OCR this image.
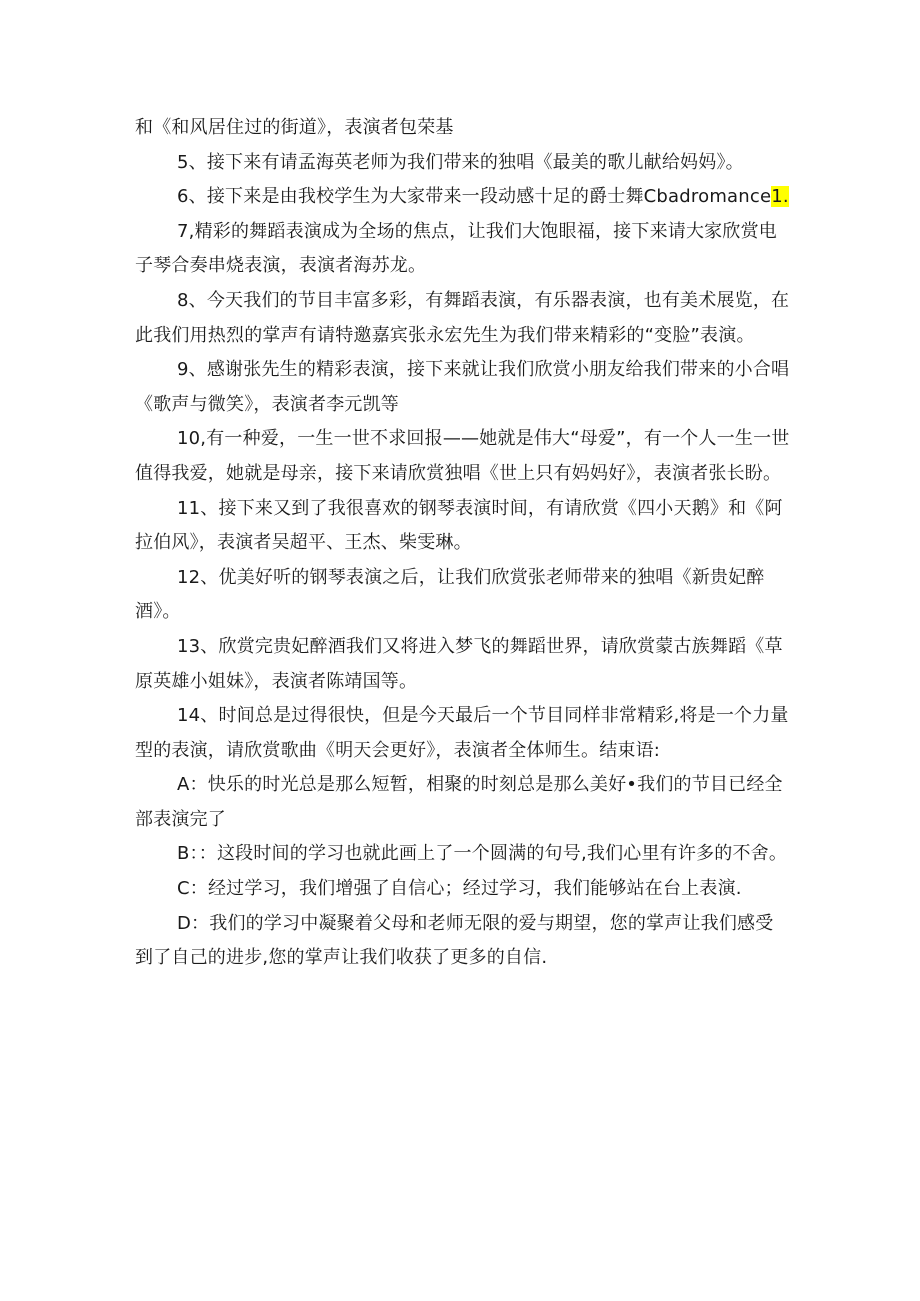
和《和风居住过的街道》，表演者包荣基

5、接下来有请孟海英老师为我们带来的独唱《最美的歌儿献给妈妈》。

6、接下来是由我校学生为大家带来一段动感十足的爵士舞Cbadromance1.

7,精彩的舞蹈表演成为全场的焦点，让我们大饱眼福，接下来请大家欣赏电子琴合奏串烧表演，表演者海苏龙。

8、今天我们的节目丰富多彩，有舞蹈表演，有乐器表演，也有美术展览，在此我们用热烈的掌声有请特邀嘉宾张永宏先生为我们带来精彩的“变脸”表演。

9、感谢张先生的精彩表演，接下来就让我们欣赏小朋友给我们带来的小合唱《歌声与微笑》，表演者李元凯等

10,有一种爱，一生一世不求回报——她就是伟大“母爱”，有一个人一生一世值得我爱，她就是母亲，接下来请欣赏独唱《世上只有妈妈好》，表演者张长盼。

11、接下来又到了我很喜欢的钢琴表演时间，有请欣赏《四小天鹅》和《阿拉伯风》，表演者吴超平、王杰、柴雯琳。

12、优美好听的钢琴表演之后，让我们欣赏张老师带来的独唱《新贵妃醉酒》。

13、欣赏完贵妃醉酒我们又将进入梦飞的舞蹈世界，请欣赏蒙古族舞蹈《草原英雄小姐妹》，表演者陈靖国等。

14、时间总是过得很快，但是今天最后一个节目同样非常精彩,将是一个力量型的表演，请欣赏歌曲《明天会更好》，表演者全体师生。结束语:

A：快乐的时光总是那么短暂，相聚的时刻总是那么美好•我们的节目已经全部表演完了

B：：这段时间的学习也就此画上了一个圆满的句号,我们心里有许多的不舍。

C：经过学习，我们增强了自信心；经过学习，我们能够站在台上表演.

D：我们的学习中凝聚着父母和老师无限的爱与期望，您的掌声让我们感受到了自己的进步,您的掌声让我们收获了更多的自信.
